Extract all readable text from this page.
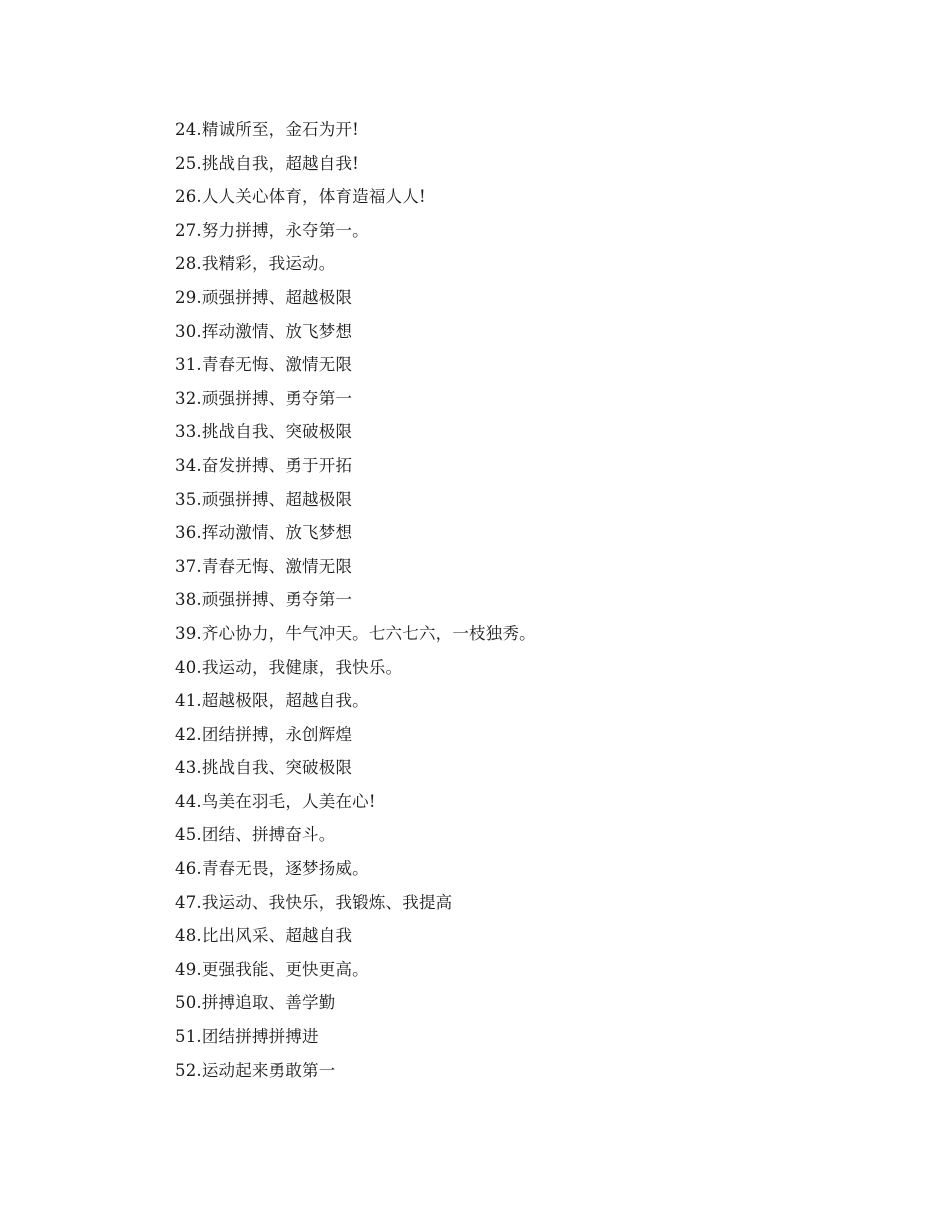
24.精诚所至，金石为开!
25.挑战自我，超越自我!
26.人人关心体育，体育造福人人!
27.努力拼搏，永夺第一。
28.我精彩，我运动。
29.顽强拼搏、超越极限
30.挥动激情、放飞梦想
31.青春无悔、激情无限
32.顽强拼搏、勇夺第一
33.挑战自我、突破极限
34.奋发拼搏、勇于开拓
35.顽强拼搏、超越极限
36.挥动激情、放飞梦想
37.青春无悔、激情无限
38.顽强拼搏、勇夺第一
39.齐心协力，牛气冲天。七六七六，一枝独秀。
40.我运动，我健康，我快乐。
41.超越极限，超越自我。
42.团结拼搏，永创辉煌
43.挑战自我、突破极限
44.鸟美在羽毛，人美在心!
45.团结、拼搏奋斗。
46.青春无畏，逐梦扬威。
47.我运动、我快乐，我锻炼、我提高
48.比出风采、超越自我
49.更强我能、更快更高。
50.拼搏追取、善学勤
51.团结拼搏拼搏进
52.运动起来勇敢第一
